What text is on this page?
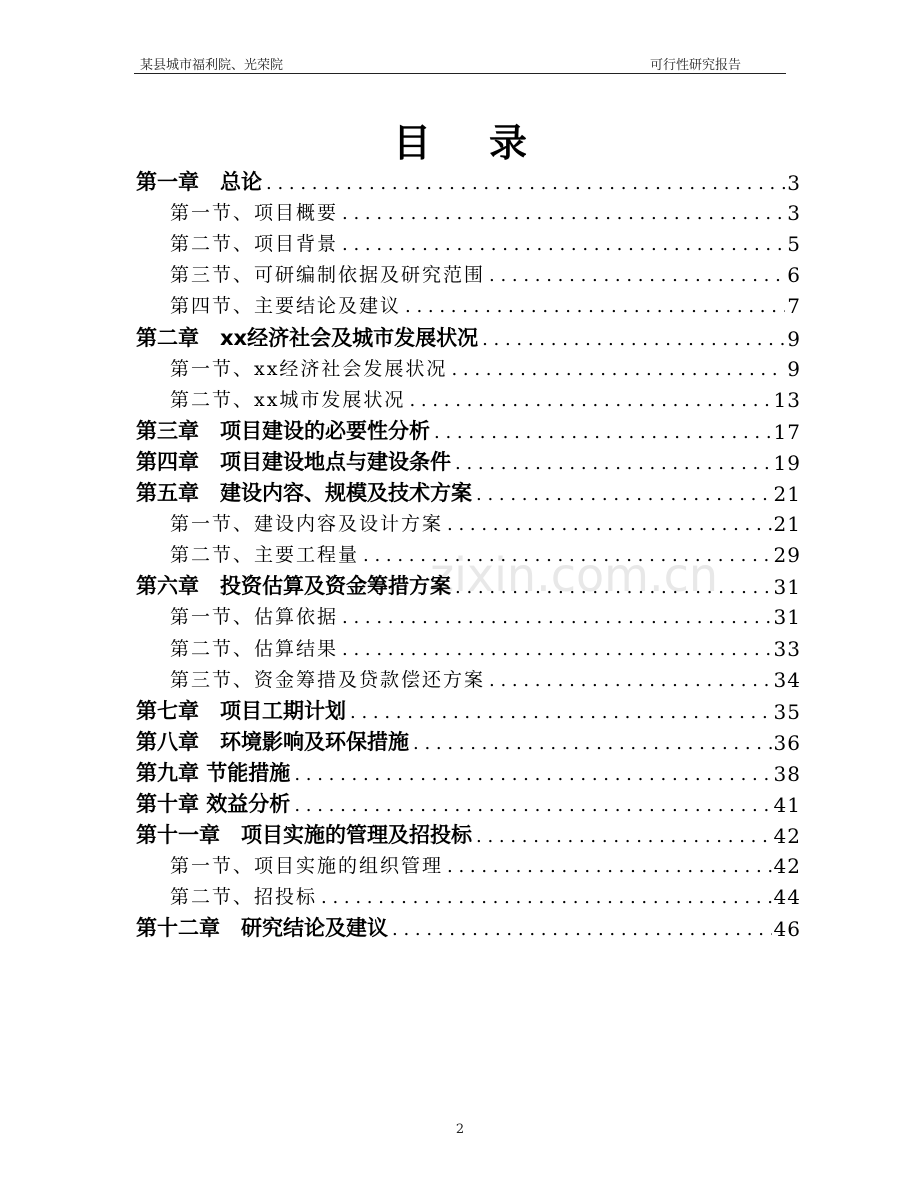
某县城市福利院、光荣院	可行性研究报告
目录
zixin.com.cn
第一章　总论 . . .	3
第一节、项目概要 . . .	3
第二节、项目背景 . . .	5
第三节、可研编制依据及研究范围 . . .	6
第四节、主要结论及建议 . . .	7
第二章　xx经济社会及城市发展状况 . . .	9
第一节、xx经济社会发展状况 . . .	9
第二节、xx城市发展状况 . . .	13
第三章　项目建设的必要性分析 . . .	17
第四章　项目建设地点与建设条件 . . .	19
第五章　建设内容、规模及技术方案 . . .	21
第一节、建设内容及设计方案 . . .	21
第二节、主要工程量 . . .	29
第六章　投资估算及资金筹措方案 . . .	31
第一节、估算依据 . . .	31
第二节、估算结果 . . .	33
第三节、资金筹措及贷款偿还方案 . . .	34
第七章　项目工期计划 . . .	35
第八章　环境影响及环保措施 . . .	36
第九章 节能措施 . . .	38
第十章 效益分析 . . .	41
第十一章　项目实施的管理及招投标 . . .	42
第一节、项目实施的组织管理 . . .	42
第二节、招投标 . . .	44
第十二章　研究结论及建议 . . .	46
2
